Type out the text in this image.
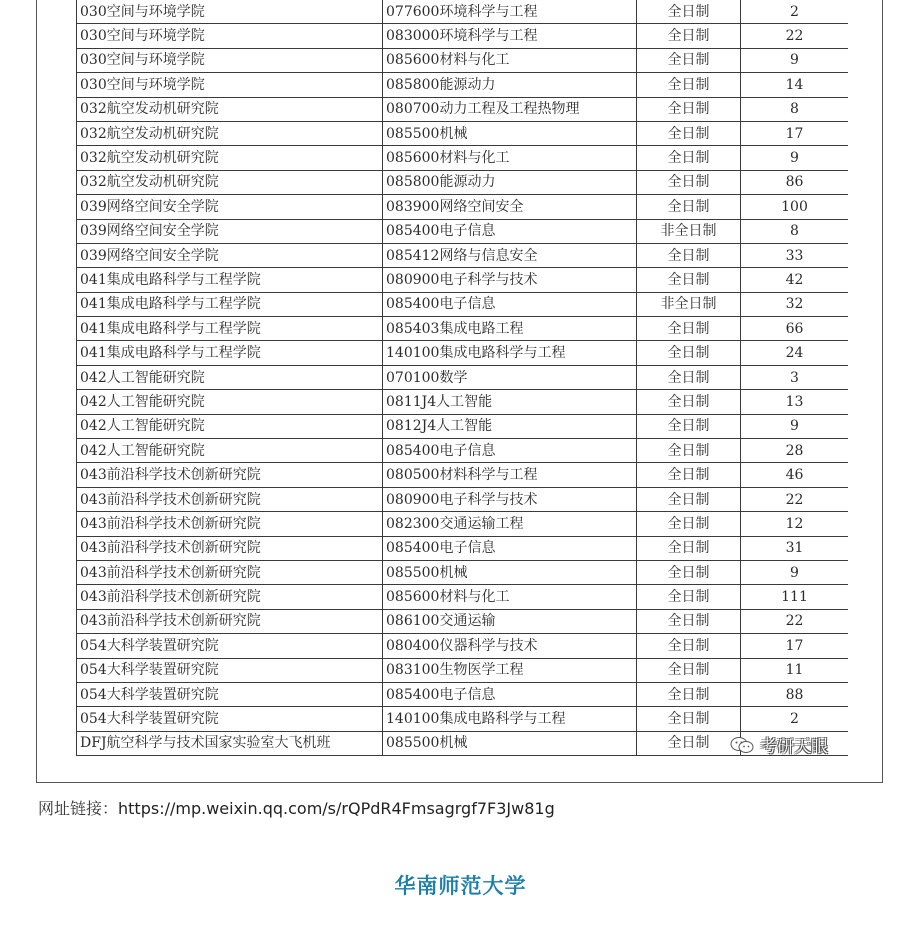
030空间与环境学院	077600环境科学与工程	全日制	2
030空间与环境学院	083000环境科学与工程	全日制	22
030空间与环境学院	085600材料与化工	全日制	9
030空间与环境学院	085800能源动力	全日制	14
032航空发动机研究院	080700动力工程及工程热物理	全日制	8
032航空发动机研究院	085500机械	全日制	17
032航空发动机研究院	085600材料与化工	全日制	9
032航空发动机研究院	085800能源动力	全日制	86
039网络空间安全学院	083900网络空间安全	全日制	100
039网络空间安全学院	085400电子信息	非全日制	8
039网络空间安全学院	085412网络与信息安全	全日制	33
041集成电路科学与工程学院	080900电子科学与技术	全日制	42
041集成电路科学与工程学院	085400电子信息	非全日制	32
041集成电路科学与工程学院	085403集成电路工程	全日制	66
041集成电路科学与工程学院	140100集成电路科学与工程	全日制	24
042人工智能研究院	070100数学	全日制	3
042人工智能研究院	0811J4人工智能	全日制	13
042人工智能研究院	0812J4人工智能	全日制	9
042人工智能研究院	085400电子信息	全日制	28
043前沿科学技术创新研究院	080500材料科学与工程	全日制	46
043前沿科学技术创新研究院	080900电子科学与技术	全日制	22
043前沿科学技术创新研究院	082300交通运输工程	全日制	12
043前沿科学技术创新研究院	085400电子信息	全日制	31
043前沿科学技术创新研究院	085500机械	全日制	9
043前沿科学技术创新研究院	085600材料与化工	全日制	111
043前沿科学技术创新研究院	086100交通运输	全日制	22
054大科学装置研究院	080400仪器科学与技术	全日制	17
054大科学装置研究院	083100生物医学工程	全日制	11
054大科学装置研究院	085400电子信息	全日制	88
054大科学装置研究院	140100集成电路科学与工程	全日制	2
DFJ航空科学与技术国家实验室大飞机班	085500机械	全日制		考研天眼
网址链接：https://mp.weixin.qq.com/s/rQPdR4Fmsagrgf7F3Jw81g
华南师范大学
